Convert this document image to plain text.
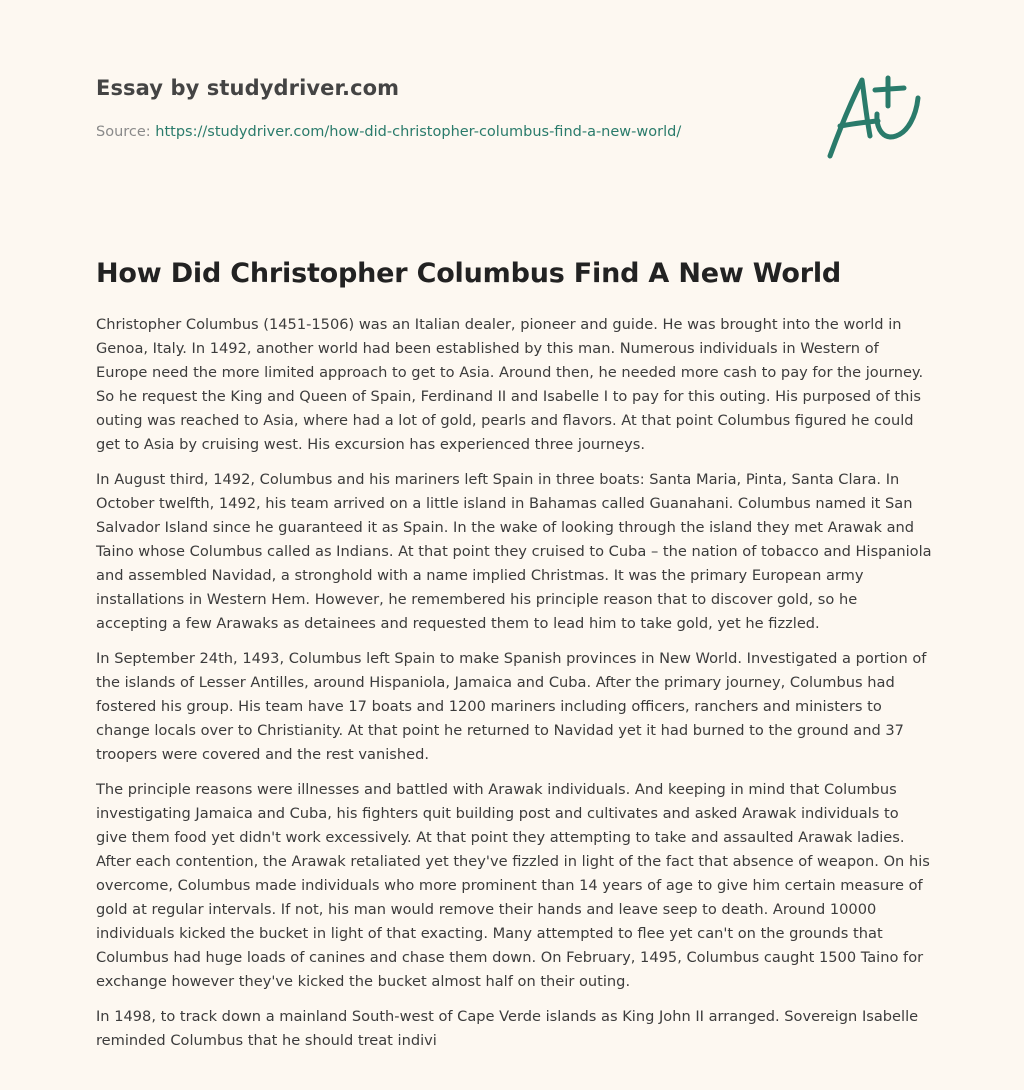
Essay by studydriver.com
Source: https://studydriver.com/how-did-christopher-columbus-find-a-new-world/
How Did Christopher Columbus Find A New World

Christopher Columbus (1451-1506) was an Italian dealer, pioneer and guide. He was brought into the world in Genoa, Italy. In 1492, another world had been established by this man. Numerous individuals in Western of Europe need the more limited approach to get to Asia. Around then, he needed more cash to pay for the journey. So he request the King and Queen of Spain, Ferdinand II and Isabelle I to pay for this outing. His purposed of this outing was reached to Asia, where had a lot of gold, pearls and flavors. At that point Columbus figured he could get to Asia by cruising west. His excursion has experienced three journeys.

In August third, 1492, Columbus and his mariners left Spain in three boats: Santa Maria, Pinta, Santa Clara. In October twelfth, 1492, his team arrived on a little island in Bahamas called Guanahani. Columbus named it San Salvador Island since he guaranteed it as Spain. In the wake of looking through the island they met Arawak and Taino whose Columbus called as Indians. At that point they cruised to Cuba – the nation of tobacco and Hispaniola and assembled Navidad, a stronghold with a name implied Christmas. It was the primary European army installations in Western Hem. However, he remembered his principle reason that to discover gold, so he accepting a few Arawaks as detainees and requested them to lead him to take gold, yet he fizzled.

In September 24th, 1493, Columbus left Spain to make Spanish provinces in New World. Investigated a portion of the islands of Lesser Antilles, around Hispaniola, Jamaica and Cuba. After the primary journey, Columbus had fostered his group. His team have 17 boats and 1200 mariners including officers, ranchers and ministers to change locals over to Christianity. At that point he returned to Navidad yet it had burned to the ground and 37 troopers were covered and the rest vanished.

The principle reasons were illnesses and battled with Arawak individuals. And keeping in mind that Columbus investigating Jamaica and Cuba, his fighters quit building post and cultivates and asked Arawak individuals to give them food yet didn't work excessively. At that point they attempting to take and assaulted Arawak ladies. After each contention, the Arawak retaliated yet they've fizzled in light of the fact that absence of weapon. On his overcome, Columbus made individuals who more prominent than 14 years of age to give him certain measure of gold at regular intervals. If not, his man would remove their hands and leave seep to death. Around 10000 individuals kicked the bucket in light of that exacting. Many attempted to flee yet can't on the grounds that Columbus had huge loads of canines and chase them down. On February, 1495, Columbus caught 1500 Taino for exchange however they've kicked the bucket almost half on their outing.

In 1498, to track down a mainland South-west of Cape Verde islands as King John II arranged. Sovereign Isabelle reminded Columbus that he should treat indivi
